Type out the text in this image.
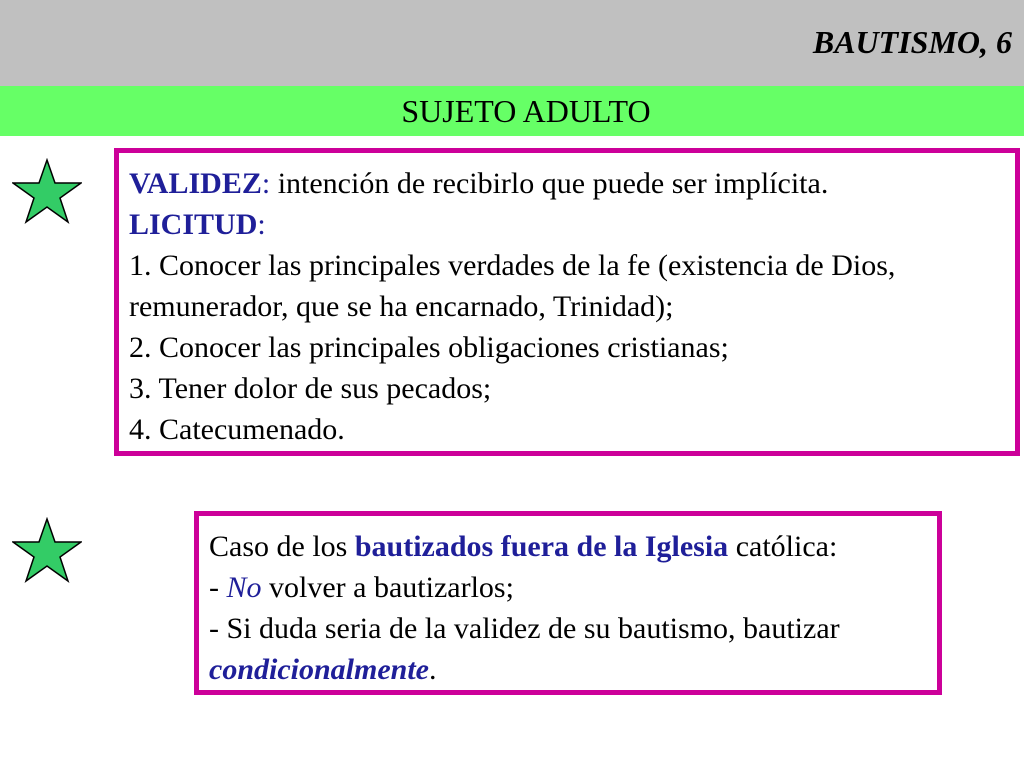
BAUTISMO, 6
SUJETO ADULTO
VALIDEZ: intención de recibirlo que puede ser implícita.
LICITUD:
1. Conocer las principales verdades de la fe (existencia de Dios,
remunerador, que se ha encarnado, Trinidad);
2. Conocer las principales obligaciones cristianas;
3. Tener dolor de sus pecados;
4. Catecumenado.
Caso de los bautizados fuera de la Iglesia católica:
- No volver a bautizarlos;
- Si duda seria de la validez de su bautismo, bautizar
condicionalmente.
